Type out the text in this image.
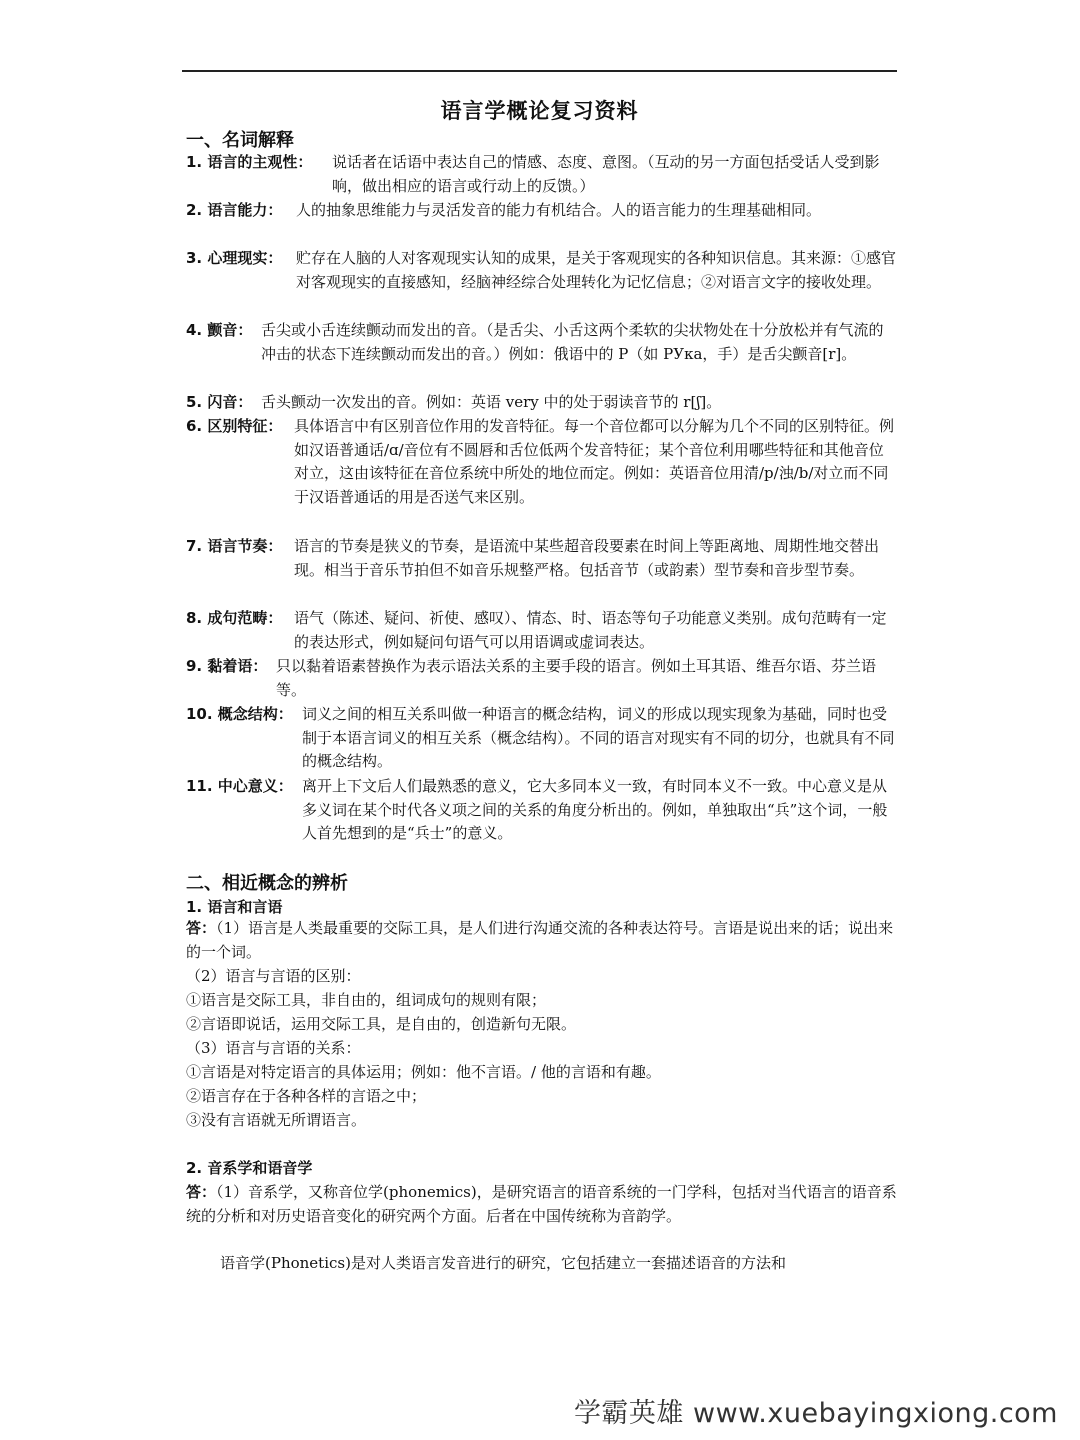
语言学概论复习资料
一、名词解释
1. 语言的主观性：	说话者在话语中表达自己的情感、态度、意图。（互动的另一方面包括受话人受到影响，做出相应的语言或行动上的反馈。）
2. 语言能力： 人的抽象思维能力与灵活发音的能力有机结合。人的语言能力的生理基础相同。
3. 心理现实： 贮存在人脑的人对客观现实认知的成果，是关于客观现实的各种知识信息。其来源：①感官对客观现实的直接感知，经脑神经综合处理转化为记忆信息；②对语言文字的接收处理。
4. 颤音： 舌尖或小舌连续颤动而发出的音。（是舌尖、小舌这两个柔软的尖状物处在十分放松并有气流的冲击的状态下连续颤动而发出的音。）例如：俄语中的 P（如 PУка，手）是舌尖颤音[r]。
5. 闪音： 舌头颤动一次发出的音。例如：英语 very 中的处于弱读音节的 r[ʃ]。
6. 区别特征： 具体语言中有区别音位作用的发音特征。每一个音位都可以分解为几个不同的区别特征。例如汉语普通话/ɑ/音位有不圆唇和舌位低两个发音特征；某个音位利用哪些特征和其他音位对立，这由该特征在音位系统中所处的地位而定。例如：英语音位用清/p/浊/b/对立而不同于汉语普通话的用是否送气来区别。
7. 语言节奏： 语言的节奏是狭义的节奏，是语流中某些超音段要素在时间上等距离地、周期性地交替出现。相当于音乐节拍但不如音乐规整严格。包括音节（或韵素）型节奏和音步型节奏。
8. 成句范畴： 语气（陈述、疑问、祈使、感叹）、情态、时、语态等句子功能意义类别。成句范畴有一定的表达形式，例如疑问句语气可以用语调或虚词表达。
9. 黏着语： 只以黏着语素替换作为表示语法关系的主要手段的语言。例如土耳其语、维吾尔语、芬兰语等。
10. 概念结构： 词义之间的相互关系叫做一种语言的概念结构，词义的形成以现实现象为基础，同时也受制于本语言词义的相互关系（概念结构）。不同的语言对现实有不同的切分，也就具有不同的概念结构。
11. 中心意义： 离开上下文后人们最熟悉的意义，它大多同本义一致，有时同本义不一致。中心意义是从多义词在某个时代各义项之间的关系的角度分析出的。例如，单独取出“兵”这个词，一般人首先想到的是“兵士”的意义。
二、相近概念的辨析
1. 语言和言语
答：（1）语言是人类最重要的交际工具，是人们进行沟通交流的各种表达符号。言语是说出来的话；说出来的一个词。
（2）语言与言语的区别：
①语言是交际工具，非自由的，组词成句的规则有限；
②言语即说话，运用交际工具，是自由的，创造新句无限。
（3）语言与言语的关系：
①言语是对特定语言的具体运用；例如：他不言语。/ 他的言语和有趣。
②语言存在于各种各样的言语之中；
③没有言语就无所谓语言。
2. 音系学和语音学
答：（1）音系学，又称音位学(phonemics)，是研究语言的语音系统的一门学科，包括对当代语言的语音系统的分析和对历史语音变化的研究两个方面。后者在中国传统称为音韵学。
语音学(Phonetics)是对人类语言发音进行的研究，它包括建立一套描述语音的方法和
学霸英雄 www.xuebayingxiong.com
